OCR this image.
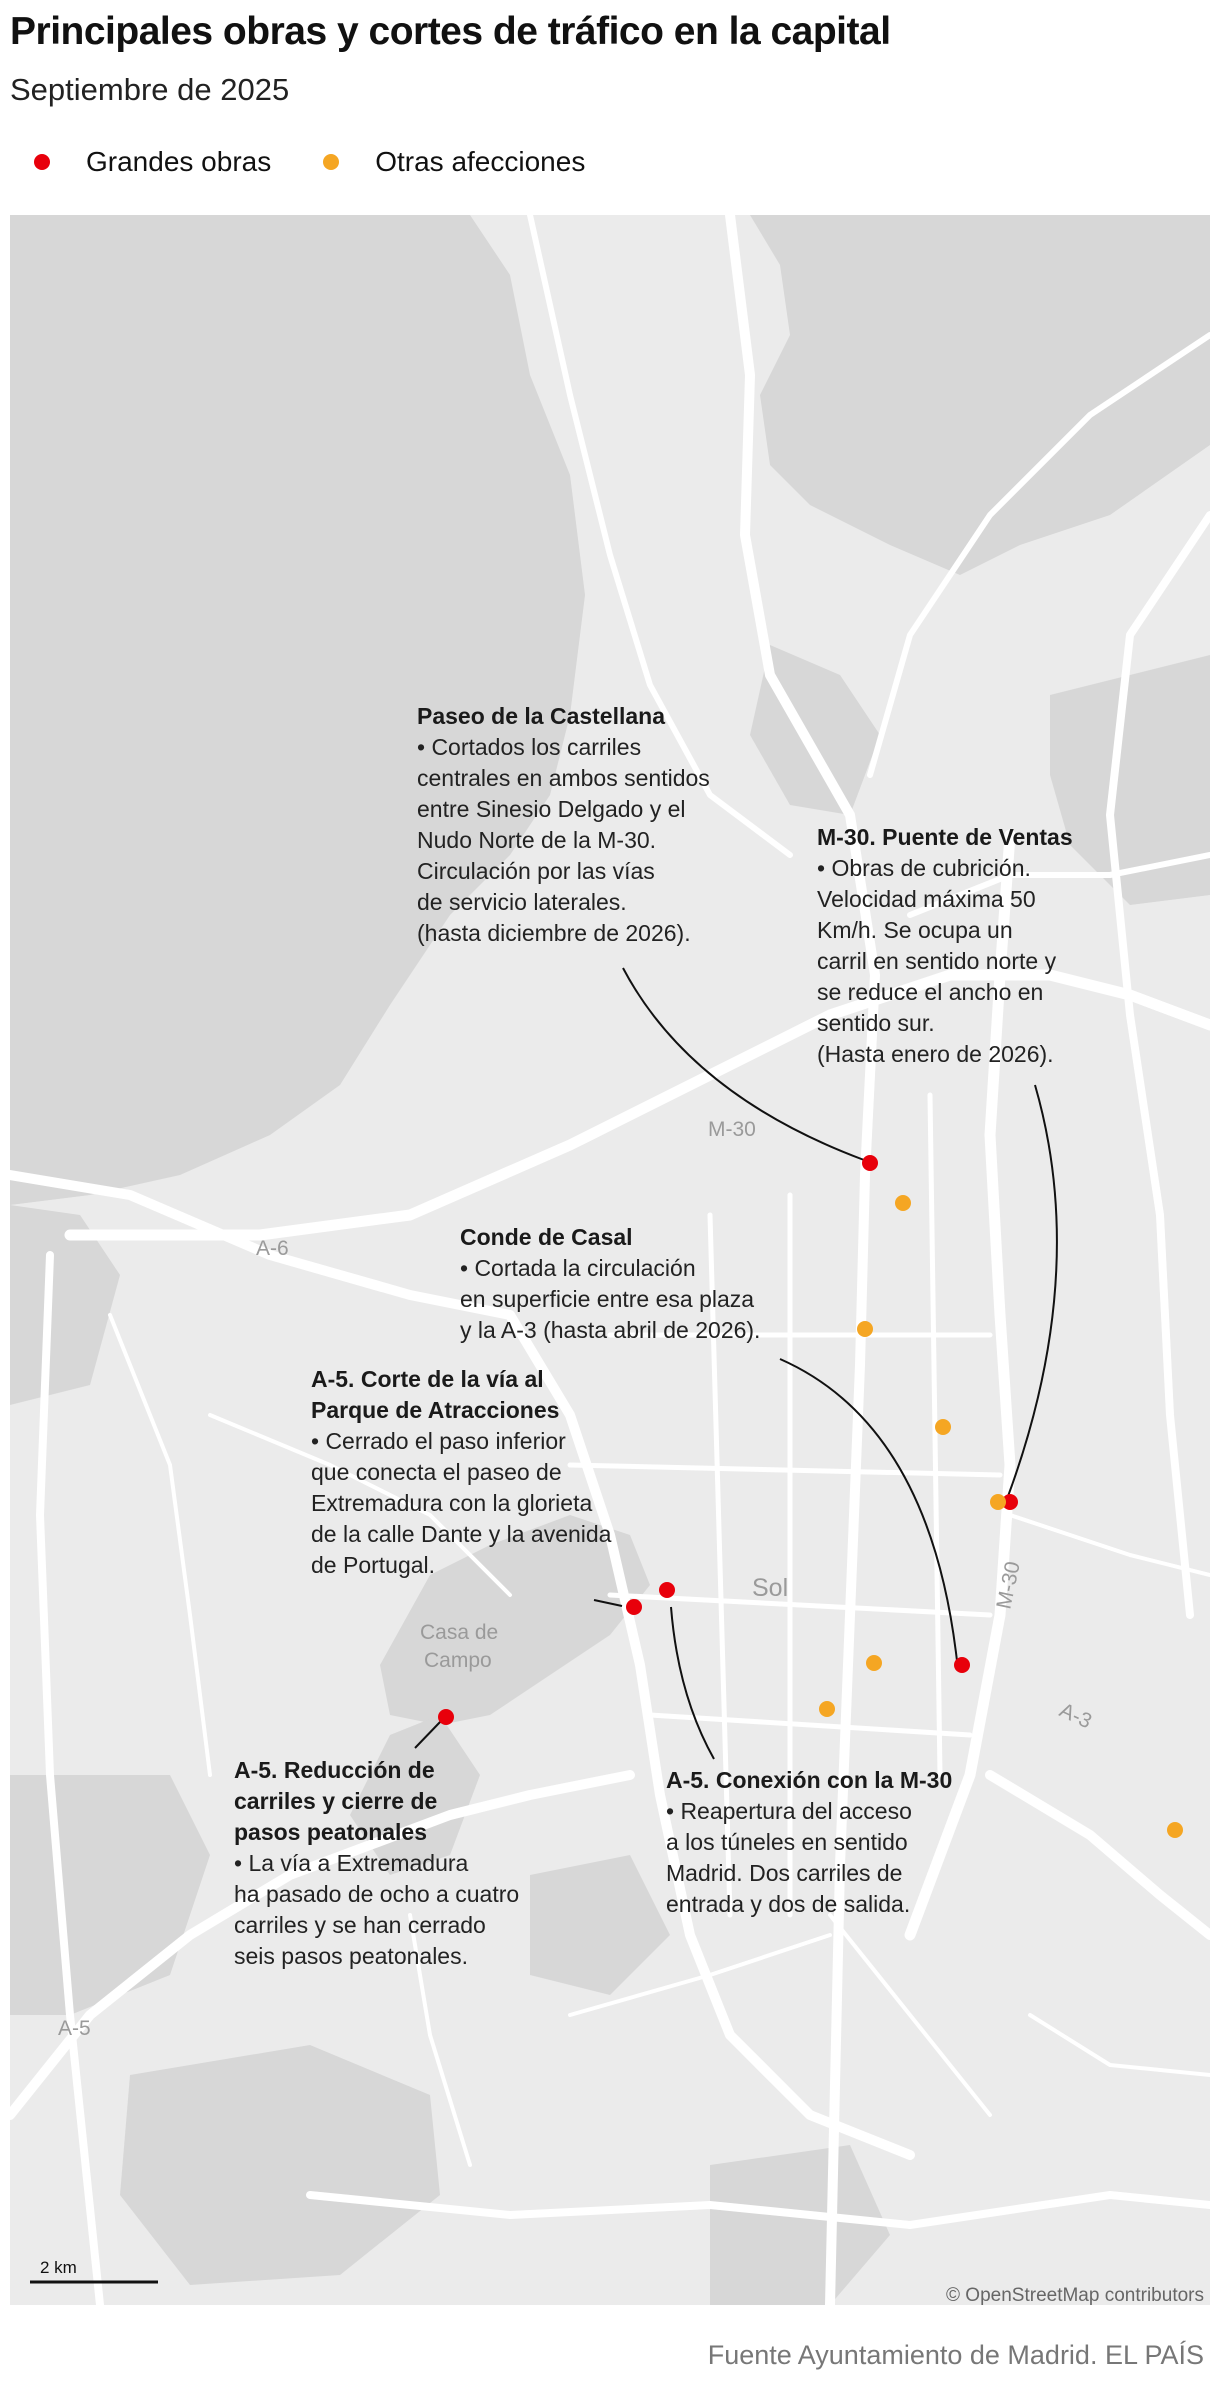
Principales obras y cortes de tráfico en la capital
Septiembre de 2025
Grandes obras	Otras afecciones
M-30
A-6
Sol
Casa de
Campo
M-30
A-3
A-5
2 km
© OpenStreetMap contributors
Paseo de la Castellana
• Cortados los carriles
centrales en ambos sentidos
entre Sinesio Delgado y el
Nudo Norte de la M-30.
Circulación por las vías
de servicio laterales.
(hasta diciembre de 2026).
M-30. Puente de Ventas
• Obras de cubrición.
Velocidad máxima 50
Km/h. Se ocupa un
carril en sentido norte y
se reduce el ancho en
sentido sur.
(Hasta enero de 2026).
Conde de Casal
• Cortada la circulación
en superficie entre esa plaza
y la A-3 (hasta abril de 2026).
A-5. Corte de la vía al
Parque de Atracciones
• Cerrado el paso inferior
que conecta el paseo de
Extremadura con la glorieta
de la calle Dante y la avenida
de Portugal.
A-5. Reducción de
carriles y cierre de
pasos peatonales
• La vía a Extremadura
ha pasado de ocho a cuatro
carriles y se han cerrado
seis pasos peatonales.
A-5. Conexión con la M-30
• Reapertura del acceso
a los túneles en sentido
Madrid. Dos carriles de
entrada y dos de salida.
Fuente Ayuntamiento de Madrid. EL PAÍS
